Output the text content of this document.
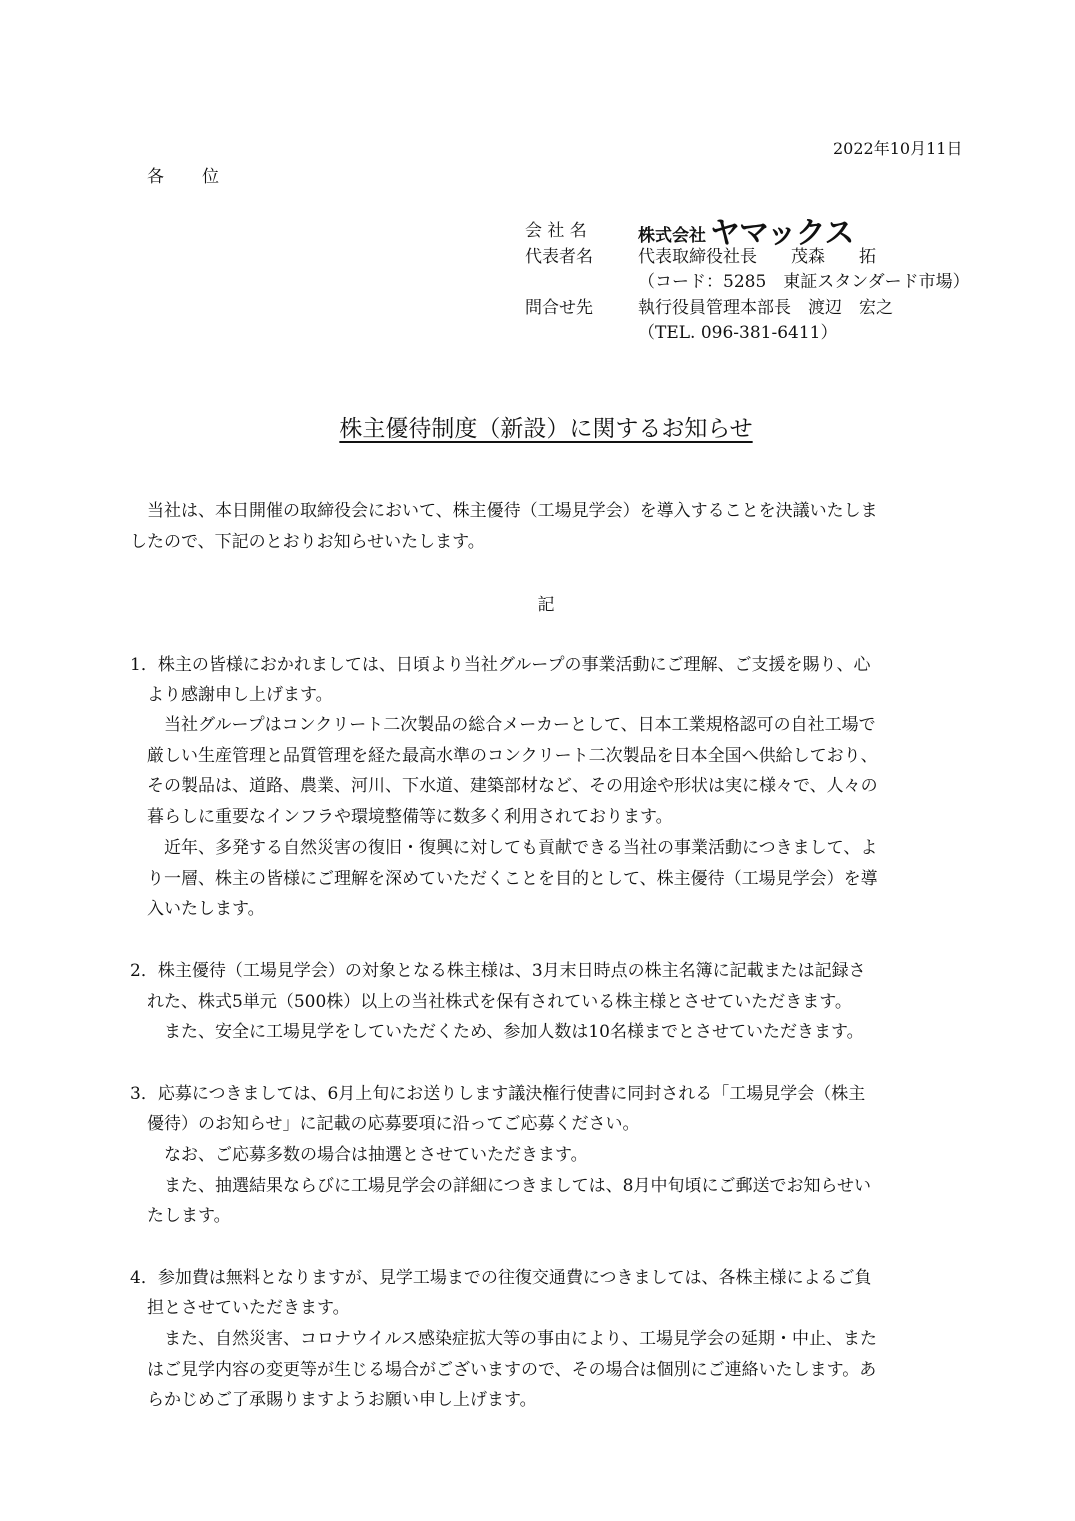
2022年10月11日
各 位
会 社 名	株式会社 ヤマックス
代表者名	代表取締役社長　　茂森　　拓
（コード：5285　東証スタンダード市場）
問合せ先	執行役員管理本部長　渡辺　宏之
（TEL. 096-381-6411）
株主優待制度（新設）に関するお知らせ
　当社は、本日開催の取締役会において、株主優待（工場見学会）を導入することを決議いたしま
したので、下記のとおりお知らせいたします。
記
1．株主の皆様におかれましては、日頃より当社グループの事業活動にご理解、ご支援を賜り、心
　より感謝申し上げます。
　　当社グループはコンクリート二次製品の総合メーカーとして、日本工業規格認可の自社工場で
　厳しい生産管理と品質管理を経た最高水準のコンクリート二次製品を日本全国へ供給しており、
　その製品は、道路、農業、河川、下水道、建築部材など、その用途や形状は実に様々で、人々の
　暮らしに重要なインフラや環境整備等に数多く利用されております。
　　近年、多発する自然災害の復旧・復興に対しても貢献できる当社の事業活動につきまして、よ
　り一層、株主の皆様にご理解を深めていただくことを目的として、株主優待（工場見学会）を導
　入いたします。
2．株主優待（工場見学会）の対象となる株主様は、3月末日時点の株主名簿に記載または記録さ
　れた、株式5単元（500株）以上の当社株式を保有されている株主様とさせていただきます。
　　また、安全に工場見学をしていただくため、参加人数は10名様までとさせていただきます。
3．応募につきましては、6月上旬にお送りします議決権行使書に同封される「工場見学会（株主
　優待）のお知らせ」に記載の応募要項に沿ってご応募ください。
　　なお、ご応募多数の場合は抽選とさせていただきます。
　　また、抽選結果ならびに工場見学会の詳細につきましては、8月中旬頃にご郵送でお知らせい
　たします。
4．参加費は無料となりますが、見学工場までの往復交通費につきましては、各株主様によるご負
　担とさせていただきます。
　　また、自然災害、コロナウイルス感染症拡大等の事由により、工場見学会の延期・中止、また
　はご見学内容の変更等が生じる場合がございますので、その場合は個別にご連絡いたします。あ
　らかじめご了承賜りますようお願い申し上げます。
